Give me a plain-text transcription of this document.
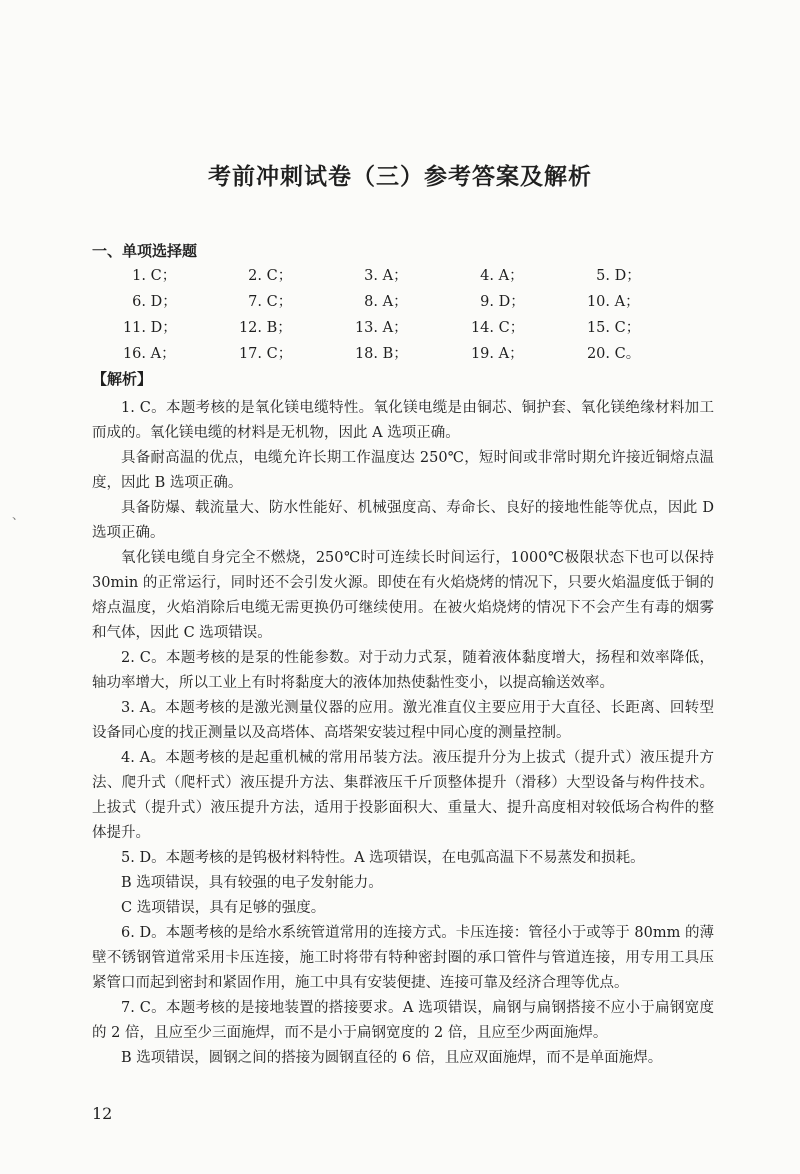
考前冲刺试卷（三）参考答案及解析
一、单项选择题
1. C；	2. C；	3. A；	4. A；	5. D；
6. D；	7. C；	8. A；	9. D；	10. A；
11. D；	12. B；	13. A；	14. C；	15. C；
16. A；	17. C；	18. B；	19. A；	20. C。
【解析】

1. C。本题考核的是氧化镁电缆特性。氧化镁电缆是由铜芯、铜护套、氧化镁绝缘材料加工而成的。氧化镁电缆的材料是无机物，因此 A 选项正确。

具备耐高温的优点，电缆允许长期工作温度达 250℃，短时间或非常时期允许接近铜熔点温度，因此 B 选项正确。

具备防爆、载流量大、防水性能好、机械强度高、寿命长、良好的接地性能等优点，因此 D 选项正确。

氧化镁电缆自身完全不燃烧，250℃时可连续长时间运行，1000℃极限状态下也可以保持 30min 的正常运行，同时还不会引发火源。即使在有火焰烧烤的情况下，只要火焰温度低于铜的熔点温度，火焰消除后电缆无需更换仍可继续使用。在被火焰烧烤的情况下不会产生有毒的烟雾和气体，因此 C 选项错误。

2. C。本题考核的是泵的性能参数。对于动力式泵，随着液体黏度增大，扬程和效率降低，轴功率增大，所以工业上有时将黏度大的液体加热使黏性变小，以提高输送效率。

3. A。本题考核的是激光测量仪器的应用。激光准直仪主要应用于大直径、长距离、回转型设备同心度的找正测量以及高塔体、高塔架安装过程中同心度的测量控制。

4. A。本题考核的是起重机械的常用吊装方法。液压提升分为上拔式（提升式）液压提升方法、爬升式（爬杆式）液压提升方法、集群液压千斤顶整体提升（滑移）大型设备与构件技术。上拔式（提升式）液压提升方法，适用于投影面积大、重量大、提升高度相对较低场合构件的整体提升。

5. D。本题考核的是钨极材料特性。A 选项错误，在电弧高温下不易蒸发和损耗。

B 选项错误，具有较强的电子发射能力。

C 选项错误，具有足够的强度。

6. D。本题考核的是给水系统管道常用的连接方式。卡压连接：管径小于或等于 80mm 的薄壁不锈钢管道常采用卡压连接，施工时将带有特种密封圈的承口管件与管道连接，用专用工具压紧管口而起到密封和紧固作用，施工中具有安装便捷、连接可靠及经济合理等优点。

7. C。本题考核的是接地装置的搭接要求。A 选项错误，扁钢与扁钢搭接不应小于扁钢宽度的 2 倍，且应至少三面施焊，而不是小于扁钢宽度的 2 倍，且应至少两面施焊。

B 选项错误，圆钢之间的搭接为圆钢直径的 6 倍，且应双面施焊，而不是单面施焊。

、
12
